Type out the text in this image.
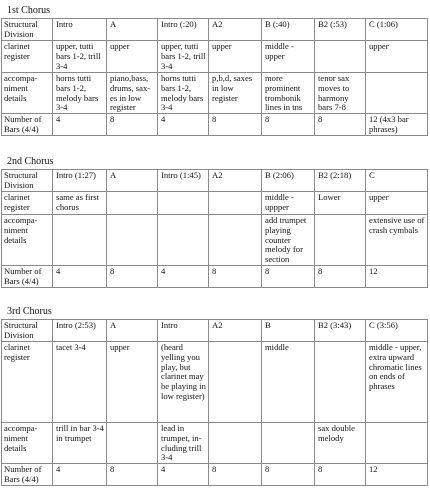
1st Chorus
Structural Division	Intro	A	Intro (:20)	A2	B (:40)	B2 (:53)	C (1:06)
clarinet register	upper, tutti bars 1-2, trill 3-4	upper	upper, tutti bars 1-2, trill 3-4	upper	middle - upper		upper
accompa-niment details	horns tutti bars 1-2, melody bars 3-4	piano,bass, drums, sax-es in low register	horns tutti bars 1-2, melody bars 3-4	p,b,d, saxes in low register	more prominent trombonik lines in tns	tenor sax moves to harmony bars 7-8	
Number of Bars (4/4)	4	8	4	8	8	8	12 (4x3 bar phrases)
2nd Chorus
Structural Division	Intro (1:27)	A	Intro (1:45)	A2	B (2:06)	B2 (2:18)	C
clarinet register	same as first chorus				middle - uppper	Lower	upper
accompa-niment details					add trumpet playing counter melody for section		extensive use of crash cymbals
Number of Bars (4/4)	4	8	4	8	8	8	12
3rd Chorus
Structural Division	Intro (2:53)	A	Intro	A2	B	B2 (3:43)	C (3:56)
clarinet register	tacet 3-4	upper	(heard yelling you play, but clarinet may be playing in low register)		middle		middle - upper, extra upward chromatic lines on ends of phrases
accompa-niment details	trill in bar 3-4 in trumpet		lead in trumpet, in-cluding trill 3-4			sax double melody	
Number of Bars (4/4)	4	8	4	8	8	8	12
